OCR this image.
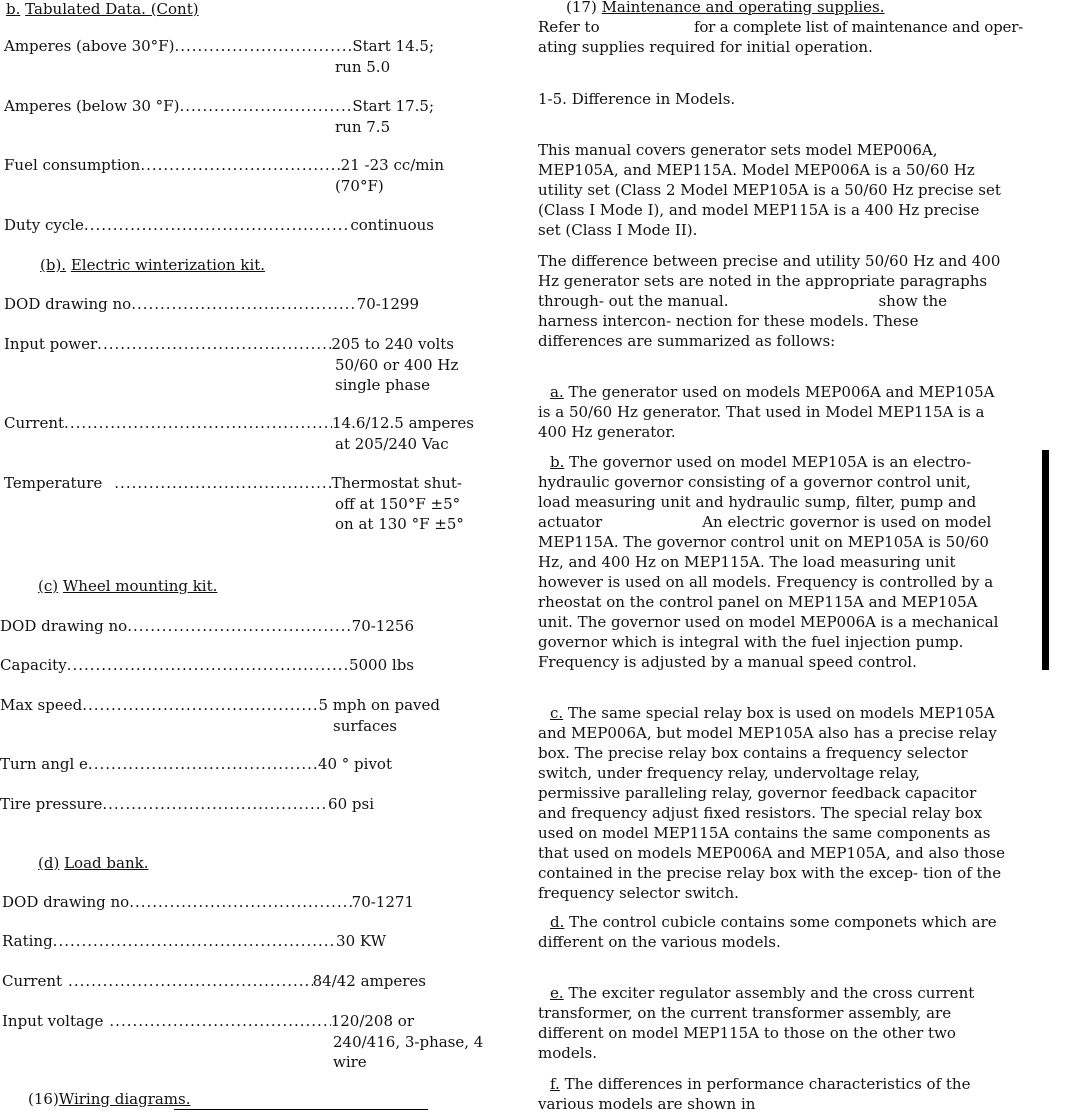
b. Tabulated Data. (Cont)
Amperes (above 30°F) .....	Start 14.5;
run 5.0
Amperes (below 30 °F) .....	Start 17.5;
run 7.5
Fuel consumption .....	21 -23 cc/min
(70°F)
Duty cycle .....	continuous
(b). Electric winterization kit.
DOD drawing no .....	70-1299
Input power .....	205 to 240 volts
50/60 or 400 Hz
single phase
Current .....	14.6/12.5 amperes
at 205/240 Vac
Temperature .....	Thermostat shut-
off at 150°F ±5°
on at 130 °F ±5°
(c) Wheel mounting kit.
DOD drawing no .....	70-1256
Capacity .....	5000 lbs
Max speed .....	5 mph on paved
surfaces
Turn angl e .....	40 ° pivot
Tire pressure .....	60 psi
(d) Load bank.
DOD drawing no .....	70-1271
Rating .....	30 KW
Current .....	84/42 amperes
Input voltage .....	120/208 or
240/416, 3-phase, 4
wire
(16)Wiring diagrams.
(17) Maintenance and operating supplies.
Refer to	for a complete list of maintenance and oper-
ating supplies required for initial operation.
1-5. Difference in Models.

This manual covers generator sets model MEP006A, MEP105A, and MEP115A. Model MEP006A is a 50/60 Hz utility set (Class 2 Model MEP105A is a 50/60 Hz precise set (Class I Mode I), and model MEP115A is a 400 Hz precise set (Class I Mode II).

The difference between precise and utility 50/60 Hz and 400 Hz generator sets are noted in the appropriate paragraphs through- out the manual.	show the harness intercon- nection for these models. These differences are summarized as follows:

a. The generator used on models MEP006A and MEP105A is a 50/60 Hz generator. That used in Model MEP115A is a 400 Hz generator.

b. The governor used on model MEP105A is an electro- hydraulic governor consisting of a governor control unit, load measuring unit and hydraulic sump, filter, pump and actuator	An electric governor is used on model MEP115A. The governor control unit on MEP105A is 50/60 Hz, and 400 Hz on MEP115A. The load measuring unit however is used on all models. Frequency is controlled by a rheostat on the control panel on MEP115A and MEP105A unit. The governor used on model MEP006A is a mechanical governor which is integral with the fuel injection pump. Frequency is adjusted by a manual speed control.

c. The same special relay box is used on models MEP105A and MEP006A, but model MEP105A also has a precise relay box. The precise relay box contains a frequency selector switch, under frequency relay, undervoltage relay, permissive paralleling relay, governor feedback capacitor and frequency adjust fixed resistors. The special relay box used on model MEP115A contains the same components as that used on models MEP006A and MEP105A, and also those contained in the precise relay box with the excep- tion of the frequency selector switch.

d. The control cubicle contains some componets which are different on the various models.

e. The exciter regulator assembly and the cross current transformer, on the current transformer assembly, are different on model MEP115A to those on the other two models.

f. The differences in performance characteristics of the various models are shown in
